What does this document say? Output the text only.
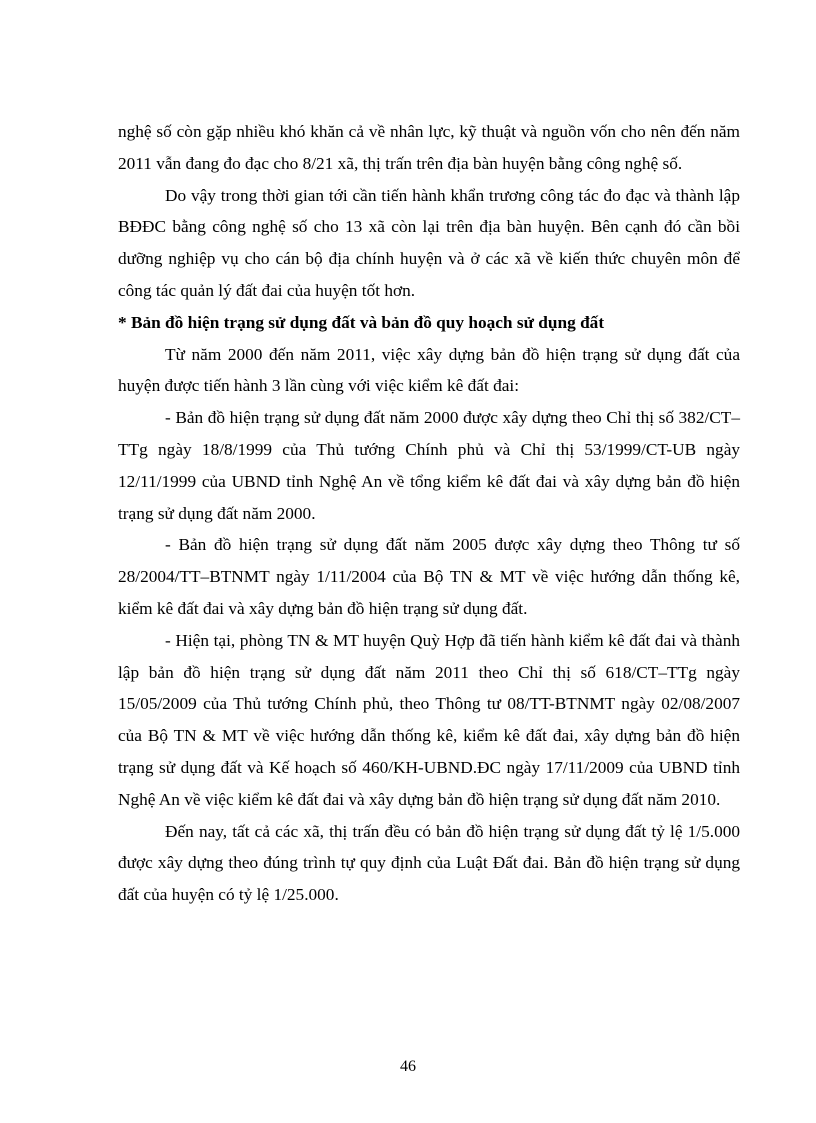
nghệ số còn gặp nhiều khó khăn cả về nhân lực, kỹ thuật và nguồn vốn cho nên đến năm 2011 vẫn đang đo đạc cho 8/21 xã, thị trấn trên địa bàn huyện bằng công nghệ số.

Do vậy trong thời gian tới cần tiến hành khẩn trương công tác đo đạc và thành lập BĐĐC bằng công nghệ số cho 13 xã còn lại trên địa bàn huyện. Bên cạnh đó cần bồi dưỡng nghiệp vụ cho cán bộ địa chính huyện và ở các xã về kiến thức chuyên môn để công tác quản lý đất đai của huyện tốt hơn.

* Bản đồ hiện trạng sử dụng đất và bản đồ quy hoạch sử dụng đất

Từ năm 2000 đến năm 2011, việc xây dựng bản đồ hiện trạng sử dụng đất của huyện được tiến hành 3 lần cùng với việc kiểm kê đất đai:

- Bản đồ hiện trạng sử dụng đất năm 2000 được xây dựng theo Chỉ thị số 382/CT–TTg ngày 18/8/1999 của Thủ tướng Chính phủ và Chỉ thị 53/1999/CT-UB ngày 12/11/1999 của UBND tỉnh Nghệ An về tổng kiểm kê đất đai và xây dựng bản đồ hiện trạng sử dụng đất năm 2000.

- Bản đồ hiện trạng sử dụng đất năm 2005 được xây dựng theo Thông tư số 28/2004/TT–BTNMT ngày 1/11/2004 của Bộ TN & MT về việc hướng dẫn thống kê, kiểm kê đất đai và xây dựng bản đồ hiện trạng sử dụng đất.

- Hiện tại, phòng TN & MT huyện Quỳ Hợp đã tiến hành kiểm kê đất đai và thành lập bản đồ hiện trạng sử dụng đất năm 2011 theo Chỉ thị số 618/CT–TTg ngày 15/05/2009 của Thủ tướng Chính phủ, theo Thông tư 08/TT-BTNMT ngày 02/08/2007 của Bộ TN & MT về việc hướng dẫn thống kê, kiểm kê đất đai, xây dựng bản đồ hiện trạng sử dụng đất và Kế hoạch số 460/KH-UBND.ĐC ngày 17/11/2009 của UBND tỉnh Nghệ An về việc kiểm kê đất đai và xây dựng bản đồ hiện trạng sử dụng đất năm 2010.

Đến nay, tất cả các xã, thị trấn đều có bản đồ hiện trạng sử dụng đất tỷ lệ 1/5.000 được xây dựng theo đúng trình tự quy định của Luật Đất đai. Bản đồ hiện trạng sử dụng đất của huyện có tỷ lệ 1/25.000.

46
